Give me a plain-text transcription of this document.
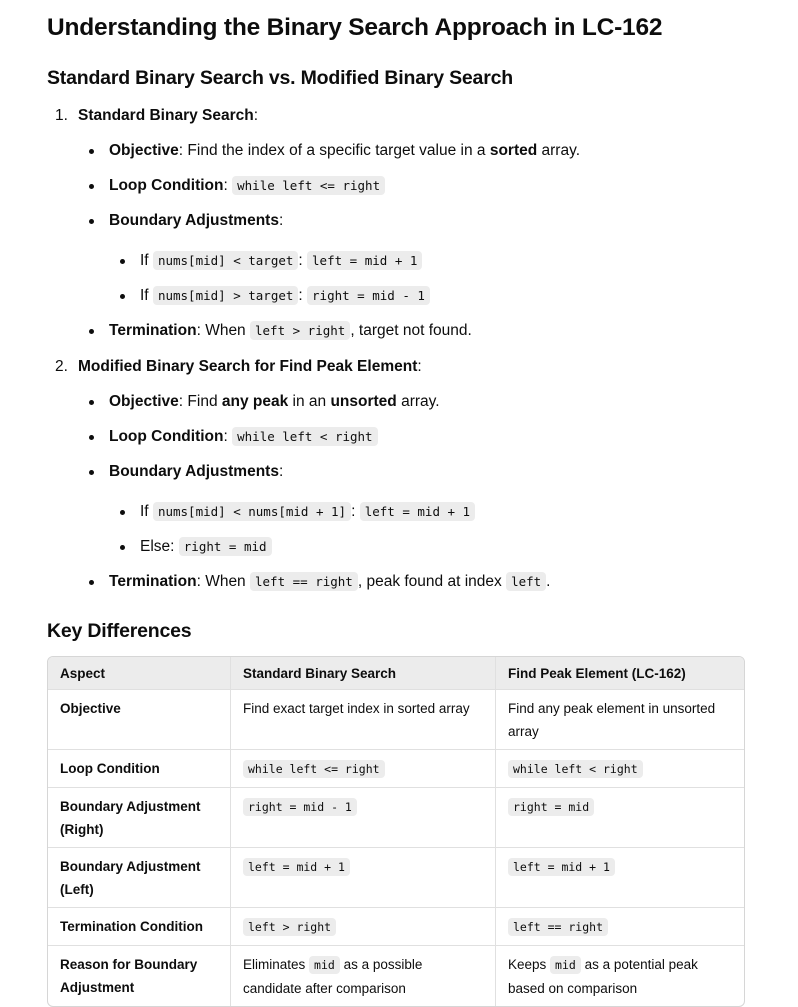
Understanding the Binary Search Approach in LC-162
Standard Binary Search vs. Modified Binary Search
1. Standard Binary Search:
Objective: Find the index of a specific target value in a sorted array.
Loop Condition: while left <= right
Boundary Adjustments:
If nums[mid] < target : left = mid + 1
If nums[mid] > target : right = mid - 1
Termination: When left > right , target not found.
2. Modified Binary Search for Find Peak Element:
Objective: Find any peak in an unsorted array.
Loop Condition: while left < right
Boundary Adjustments:
If nums[mid] < nums[mid + 1] : left = mid + 1
Else: right = mid
Termination: When left == right , peak found at index left .
Key Differences
Aspect	Standard Binary Search	Find Peak Element (LC-162)
Objective	Find exact target index in sorted array	Find any peak element in unsorted array
Loop Condition	while left <= right	while left < right
Boundary Adjustment (Right)	right = mid - 1	right = mid
Boundary Adjustment (Left)	left = mid + 1	left = mid + 1
Termination Condition	left > right	left == right
Reason for Boundary Adjustment	Eliminates mid as a possible candidate after comparison	Keeps mid as a potential peak based on comparison
